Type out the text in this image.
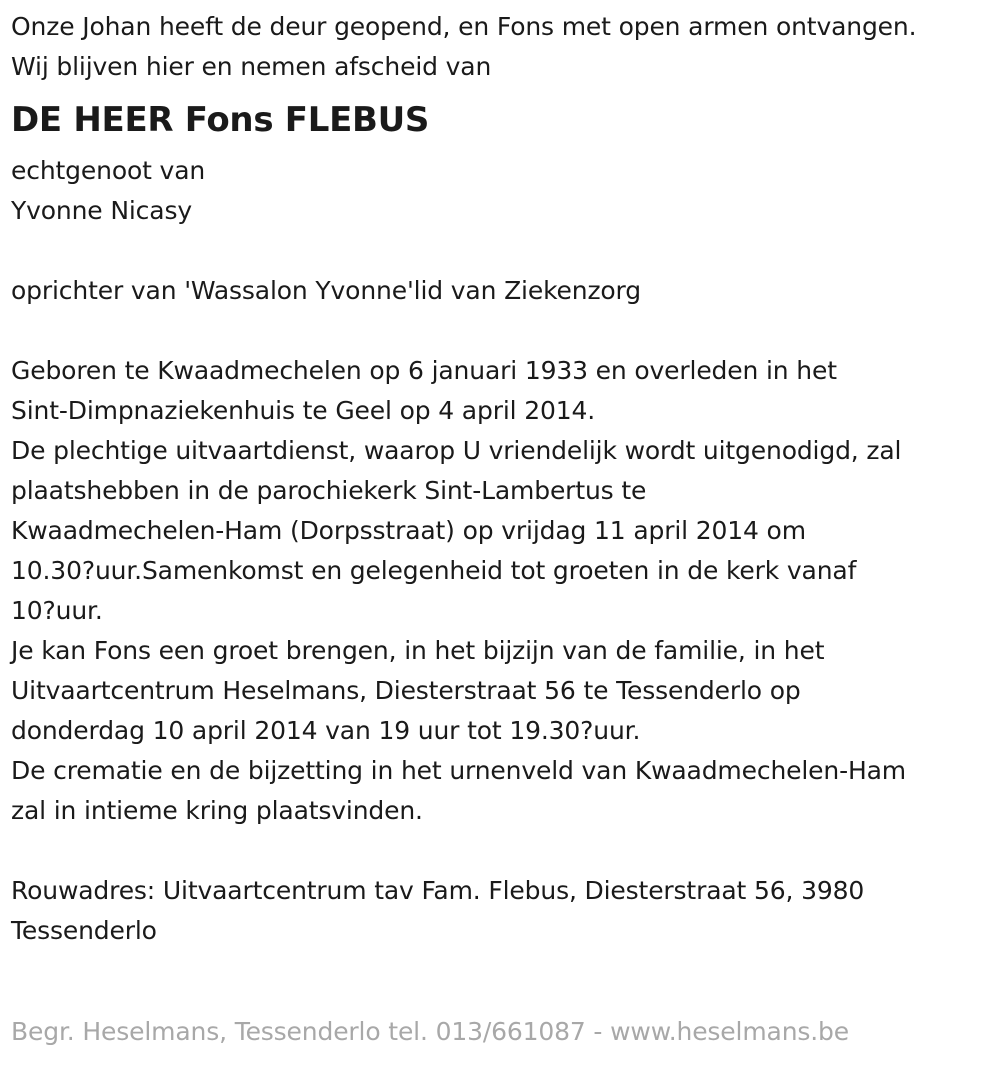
Onze Johan heeft de deur geopend, en Fons met open armen ontvangen.
Wij blijven hier en nemen afscheid van
DE HEER Fons FLEBUS
echtgenoot van
Yvonne Nicasy
oprichter van 'Wassalon Yvonne'lid van Ziekenzorg
Geboren te Kwaadmechelen op 6 januari 1933 en overleden in het
Sint-Dimpnaziekenhuis te Geel op 4 april 2014.
De plechtige uitvaartdienst, waarop U vriendelijk wordt uitgenodigd, zal
plaatshebben in de parochiekerk Sint-Lambertus te
Kwaadmechelen-Ham (Dorpsstraat) op vrijdag 11 april 2014 om
10.30?uur.Samenkomst en gelegenheid tot groeten in de kerk vanaf
10?uur.
Je kan Fons een groet brengen, in het bijzijn van de familie, in het
Uitvaartcentrum Heselmans, Diesterstraat 56 te Tessenderlo op
donderdag 10 april 2014 van 19 uur tot 19.30?uur.
De crematie en de bijzetting in het urnenveld van Kwaadmechelen-Ham
zal in intieme kring plaatsvinden.
Rouwadres: Uitvaartcentrum tav Fam. Flebus, Diesterstraat 56, 3980
Tessenderlo
Begr. Heselmans, Tessenderlo tel. 013/661087 - www.heselmans.be
